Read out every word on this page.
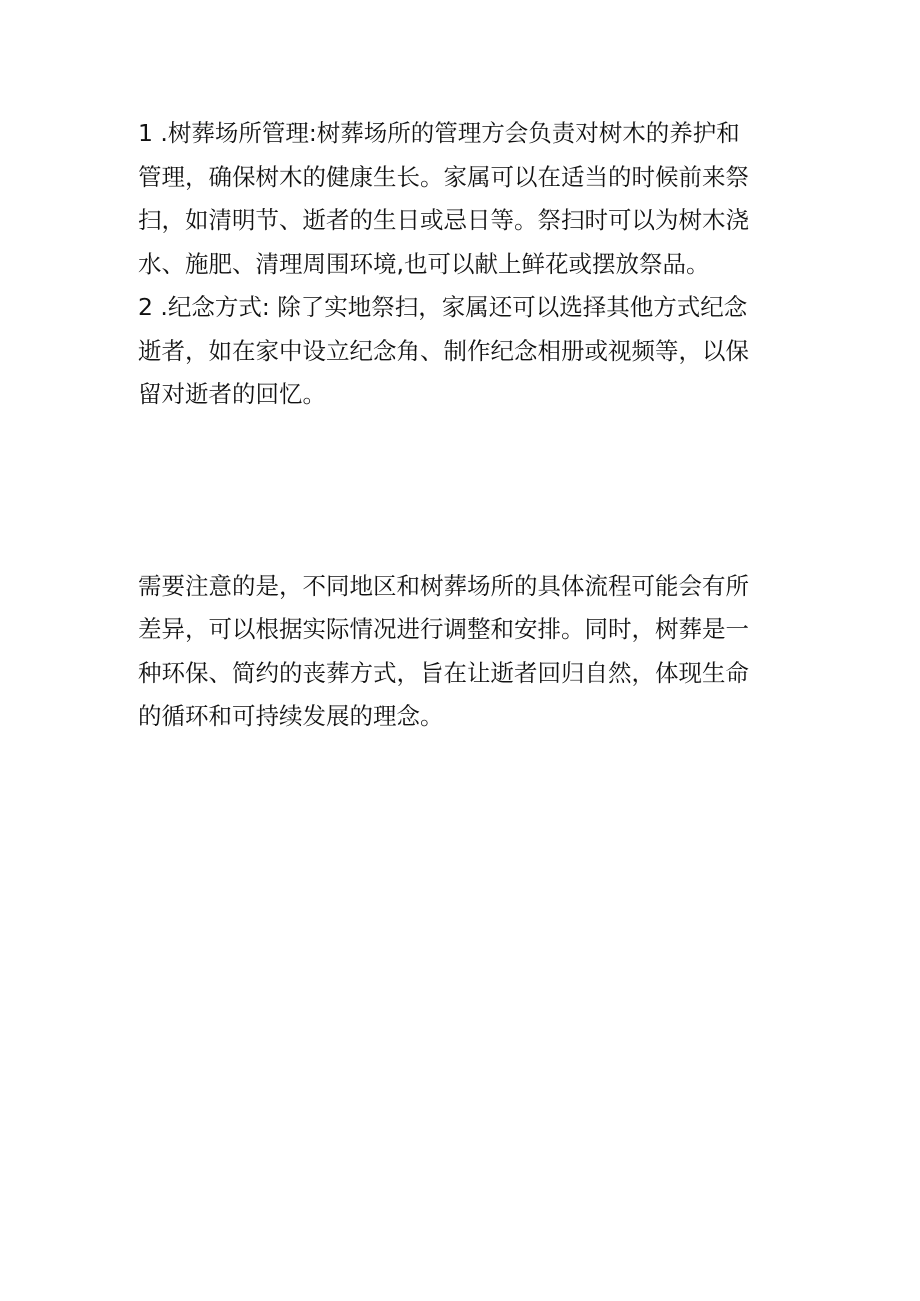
1 .树葬场所管理:树葬场所的管理方会负责对树木的养护和
管理，确保树木的健康生长。家属可以在适当的时候前来祭
扫，如清明节、逝者的生日或忌日等。祭扫时可以为树木浇
水、施肥、清理周围环境,也可以献上鲜花或摆放祭品。

2 .纪念方式: 除了实地祭扫，家属还可以选择其他方式纪念
逝者，如在家中设立纪念角、制作纪念相册或视频等，以保
留对逝者的回忆。

需要注意的是，不同地区和树葬场所的具体流程可能会有所
差异，可以根据实际情况进行调整和安排。同时，树葬是一
种环保、简约的丧葬方式，旨在让逝者回归自然，体现生命
的循环和可持续发展的理念。
